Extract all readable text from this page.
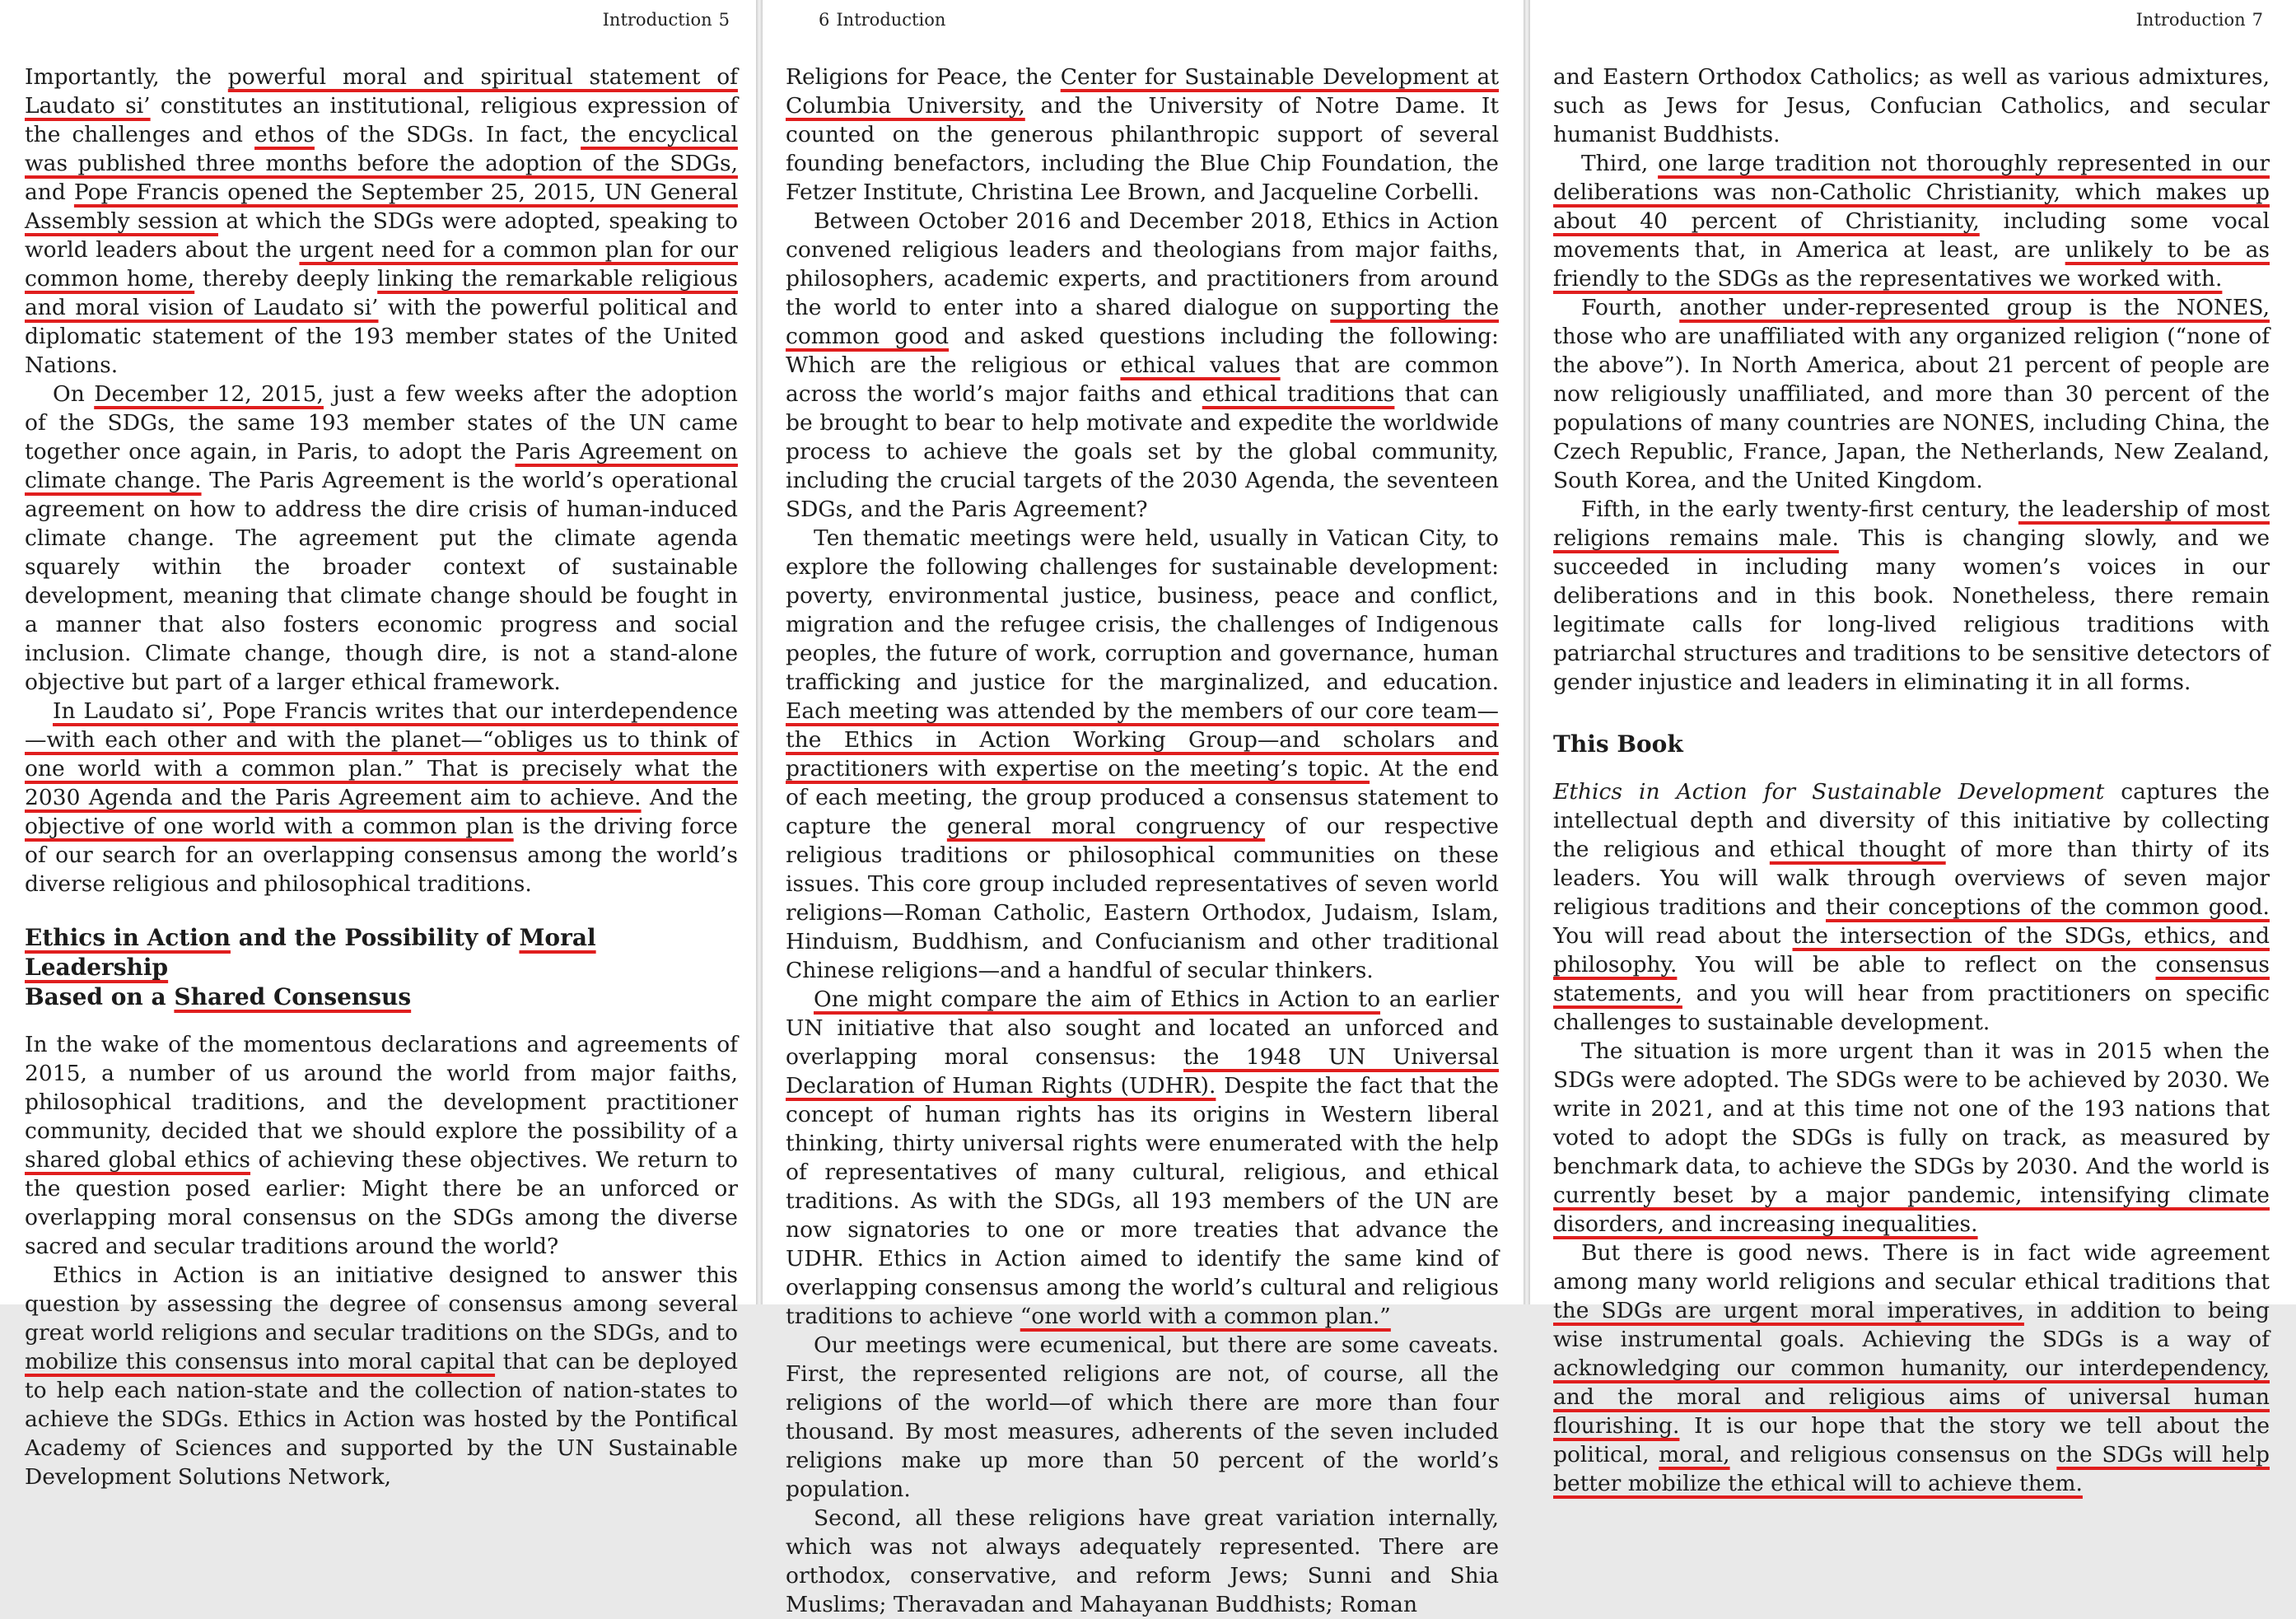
Introduction 5

Importantly, the powerful moral and spiritual statement of Laudato si’ constitutes an institutional, religious expression of the challenges and ethos of the SDGs. In fact, the encyclical was published three months before the adoption of the SDGs, and Pope Francis opened the September 25, 2015, UN General Assembly session at which the SDGs were adopted, speaking to world leaders about the urgent need for a common plan for our common home, thereby deeply linking the remarkable religious and moral vision of Laudato si’ with the powerful political and diplomatic statement of the 193 member states of the United Nations.

On December 12, 2015, just a few weeks after the adoption of the SDGs, the same 193 member states of the UN came together once again, in Paris, to adopt the Paris Agreement on climate change. The Paris Agreement is the world’s operational agreement on how to address the dire crisis of human-induced climate change. The agreement put the climate agenda squarely within the broader context of sustainable development, meaning that climate change should be fought in a manner that also fosters economic progress and social inclusion. Climate change, though dire, is not a stand-alone objective but part of a larger ethical framework.

In Laudato si’, Pope Francis writes that our interdependence—with each other and with the planet—“obliges us to think of one world with a common plan.” That is precisely what the 2030 Agenda and the Paris Agreement aim to achieve. And the objective of one world with a common plan is the driving force of our search for an overlapping consensus among the world’s diverse religious and philosophical traditions.

Ethics in Action and the Possibility of Moral Leadership
Based on a Shared Consensus

In the wake of the momentous declarations and agreements of 2015, a number of us around the world from major faiths, philosophical traditions, and the development practitioner community, decided that we should explore the possibility of a shared global ethics of achieving these objectives. We return to the question posed earlier: Might there be an unforced or overlapping moral consensus on the SDGs among the diverse sacred and secular traditions around the world?

Ethics in Action is an initiative designed to answer this question by assessing the degree of consensus among several great world religions and secular traditions on the SDGs, and to mobilize this consensus into moral capital that can be deployed to help each nation-state and the collection of nation-states to achieve the SDGs. Ethics in Action was hosted by the Pontifical Academy of Sciences and supported by the UN Sustainable Development Solutions Network,

6 Introduction

Religions for Peace, the Center for Sustainable Development at Columbia University, and the University of Notre Dame. It counted on the generous philanthropic support of several founding benefactors, including the Blue Chip Foundation, the Fetzer Institute, Christina Lee Brown, and Jacqueline Corbelli.

Between October 2016 and December 2018, Ethics in Action convened religious leaders and theologians from major faiths, philosophers, academic experts, and practitioners from around the world to enter into a shared dialogue on supporting the common good and asked questions including the following: Which are the religious or ethical values that are common across the world’s major faiths and ethical traditions that can be brought to bear to help motivate and expedite the worldwide process to achieve the goals set by the global community, including the crucial targets of the 2030 Agenda, the seventeen SDGs, and the Paris Agreement?

Ten thematic meetings were held, usually in Vatican City, to explore the following challenges for sustainable development: poverty, environmental justice, business, peace and conflict, migration and the refugee crisis, the challenges of Indigenous peoples, the future of work, corruption and governance, human trafficking and justice for the marginalized, and education. Each meeting was attended by the members of our core team—the Ethics in Action Working Group—and scholars and practitioners with expertise on the meeting’s topic. At the end of each meeting, the group produced a consensus statement to capture the general moral congruency of our respective religious traditions or philosophical communities on these issues. This core group included representatives of seven world religions—Roman Catholic, Eastern Orthodox, Judaism, Islam, Hinduism, Buddhism, and Confucianism and other traditional Chinese religions—and a handful of secular thinkers.

One might compare the aim of Ethics in Action to an earlier UN initiative that also sought and located an unforced and overlapping moral consensus: the 1948 UN Universal Declaration of Human Rights (UDHR). Despite the fact that the concept of human rights has its origins in Western liberal thinking, thirty universal rights were enumerated with the help of representatives of many cultural, religious, and ethical traditions. As with the SDGs, all 193 members of the UN are now signatories to one or more treaties that advance the UDHR. Ethics in Action aimed to identify the same kind of overlapping consensus among the world’s cultural and religious traditions to achieve “one world with a common plan.”

Our meetings were ecumenical, but there are some caveats. First, the represented religions are not, of course, all the religions of the world—of which there are more than four thousand. By most measures, adherents of the seven included religions make up more than 50 percent of the world’s population.

Second, all these religions have great variation internally, which was not always adequately represented. There are orthodox, conservative, and reform Jews; Sunni and Shia Muslims; Theravadan and Mahayanan Buddhists; Roman

Introduction 7

and Eastern Orthodox Catholics; as well as various admixtures, such as Jews for Jesus, Confucian Catholics, and secular humanist Buddhists.

Third, one large tradition not thoroughly represented in our deliberations was non-Catholic Christianity, which makes up about 40 percent of Christianity, including some vocal movements that, in America at least, are unlikely to be as friendly to the SDGs as the representatives we worked with.

Fourth, another under-represented group is the NONES, those who are unaffiliated with any organized religion (“none of the above”). In North America, about 21 percent of people are now religiously unaffiliated, and more than 30 percent of the populations of many countries are NONES, including China, the Czech Republic, France, Japan, the Netherlands, New Zealand, South Korea, and the United Kingdom.

Fifth, in the early twenty-first century, the leadership of most religions remains male. This is changing slowly, and we succeeded in including many women’s voices in our deliberations and in this book. Nonetheless, there remain legitimate calls for long-lived religious traditions with patriarchal structures and traditions to be sensitive detectors of gender injustice and leaders in eliminating it in all forms.

This Book

Ethics in Action for Sustainable Development captures the intellectual depth and diversity of this initiative by collecting the religious and ethical thought of more than thirty of its leaders. You will walk through overviews of seven major religious traditions and their conceptions of the common good. You will read about the intersection of the SDGs, ethics, and philosophy. You will be able to reflect on the consensus statements, and you will hear from practitioners on specific challenges to sustainable development.

The situation is more urgent than it was in 2015 when the SDGs were adopted. The SDGs were to be achieved by 2030. We write in 2021, and at this time not one of the 193 nations that voted to adopt the SDGs is fully on track, as measured by benchmark data, to achieve the SDGs by 2030. And the world is currently beset by a major pandemic, intensifying climate disorders, and increasing inequalities.

But there is good news. There is in fact wide agreement among many world religions and secular ethical traditions that the SDGs are urgent moral imperatives, in addition to being wise instrumental goals. Achieving the SDGs is a way of acknowledging our common humanity, our interdependency, and the moral and religious aims of universal human flourishing. It is our hope that the story we tell about the political, moral, and religious consensus on the SDGs will help better mobilize the ethical will to achieve them.
